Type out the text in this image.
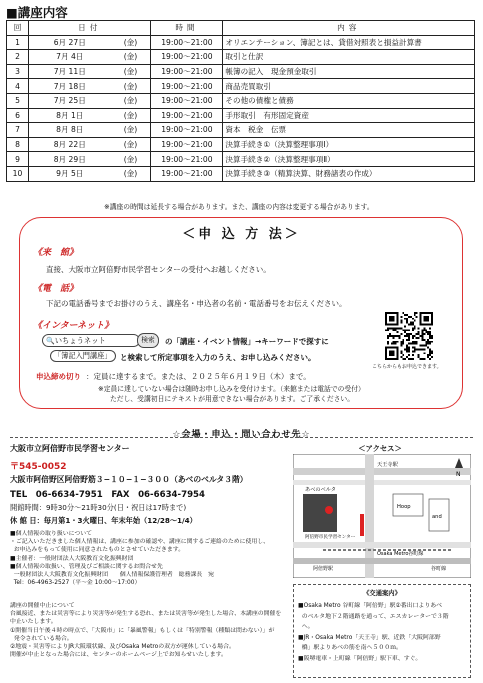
■講座内容
回	日付		時間	内容
1	6月 27日	(金)	19:00～21:00	オリエンテーション、簿記とは、貸借対照表と損益計算書
2	7月 4日	(金)	19:00～21:00	取引と仕訳
3	7月 11日	(金)	19:00～21:00	帳簿の記入　現金預金取引
4	7月 18日	(金)	19:00～21:00	商品売買取引
5	7月 25日	(金)	19:00～21:00	その他の債権と債務
6	8月 1日	(金)	19:00～21:00	手形取引　有形固定資産
7	8月 8日	(金)	19:00～21:00	資本　税金　伝票
8	8月 22日	(金)	19:00～21:00	決算手続き①（決算整理事項Ⅰ）
9	8月 29日	(金)	19:00～21:00	決算手続き②（決算整理事項Ⅱ）
10	9月 5日	(金)	19:00～21:00	決算手続き③（精算決算、財務諸表の作成）
※講座の時間は延長する場合があります。また、講座の内容は変更する場合があります。
＜申 込 方 法＞
《来　館》
直接、大阪市立阿倍野市民学習センターの受付へお越しください。
《電　話》
下記の電話番号までお掛けのうえ、講座名・申込者の名前・電話番号をお伝えください。
《インターネット》
🔍いちょうネット	検索	の「講座・イベント情報」→キーワードで探すに
「簿記入門講座」	と検索して所定事項を入力のうえ、お申し込みください。
こちらからもお申込できます。
申込締め切り ：定員に達するまで。または、２０２５年６月１９日（木）まで。
※定員に達していない場合は随時お申し込みを受付けます。（来館または電話での受付）
ただし、受講初日にテキストが用意できない場合があります。ご了承ください。
☆会場・申込・問い合わせ先☆
大阪市立阿倍野市民学習センター
〒545-0052
大阪市阿倍野区阿倍野筋３−１０−１−３００（あべのベルタ３階）
TEL　06-6634-7951　FAX　06-6634-7954
開館時間：9時30分～21時30分(日・祝日は17時まで)
休 館 日：毎月第1・3火曜日、年末年始（12/28～1/4）
■個人情報の取り扱いについて
・ご記入いただきました個人情報は、講座に参加の確認や、講座に関するご連絡のために使用し、
お申込みをもって使用に同意されたものとさせていただきます。
■主催者：一般財団法人大阪教育文化振興財団
■個人情報の取扱い、管理及びご相談に関するお問合せ先
一般財団法人大阪教育文化振興財団　　個人情報保護管理者　総務課長　宛
Tel：06-4963-2527（平～金 10:00～17:00）
講座の開催中止について
台風接近、または災害等により災害等が発生する恐れ、または災害等が発生した場合、本講座の開催を
中止いたします。
①開催当日午後４時の時点で、「大阪市」に「暴風警報」もしくは「特別警報（種類は問わない）」が
発令されている場合。
②地震・災害等によりJR大阪環状線、及びOsaka Metroの双方が運休している場合。
開催が中止となった場合には、センターのホームページ上でお知らせいたします。
＜アクセス＞
N
天王寺駅
あべのベルタ
阿倍野市民学習センター
Osaka Metro谷町線
阿倍野駅	谷町線
Hoop
and
《交通案内》
■Osaka Metro 谷町線「阿倍野」駅②番出口よりあべ
のベルタ地下２階通路を通って、エスカレーターで３階
へ。
■JR・Osaka Metro「天王寺」駅、近鉄「大阪阿部野
橋」駅よりあべの筋を南へ５００ｍ。
■阪堺電車・上町線「阿倍野」駅下車、すぐ。
